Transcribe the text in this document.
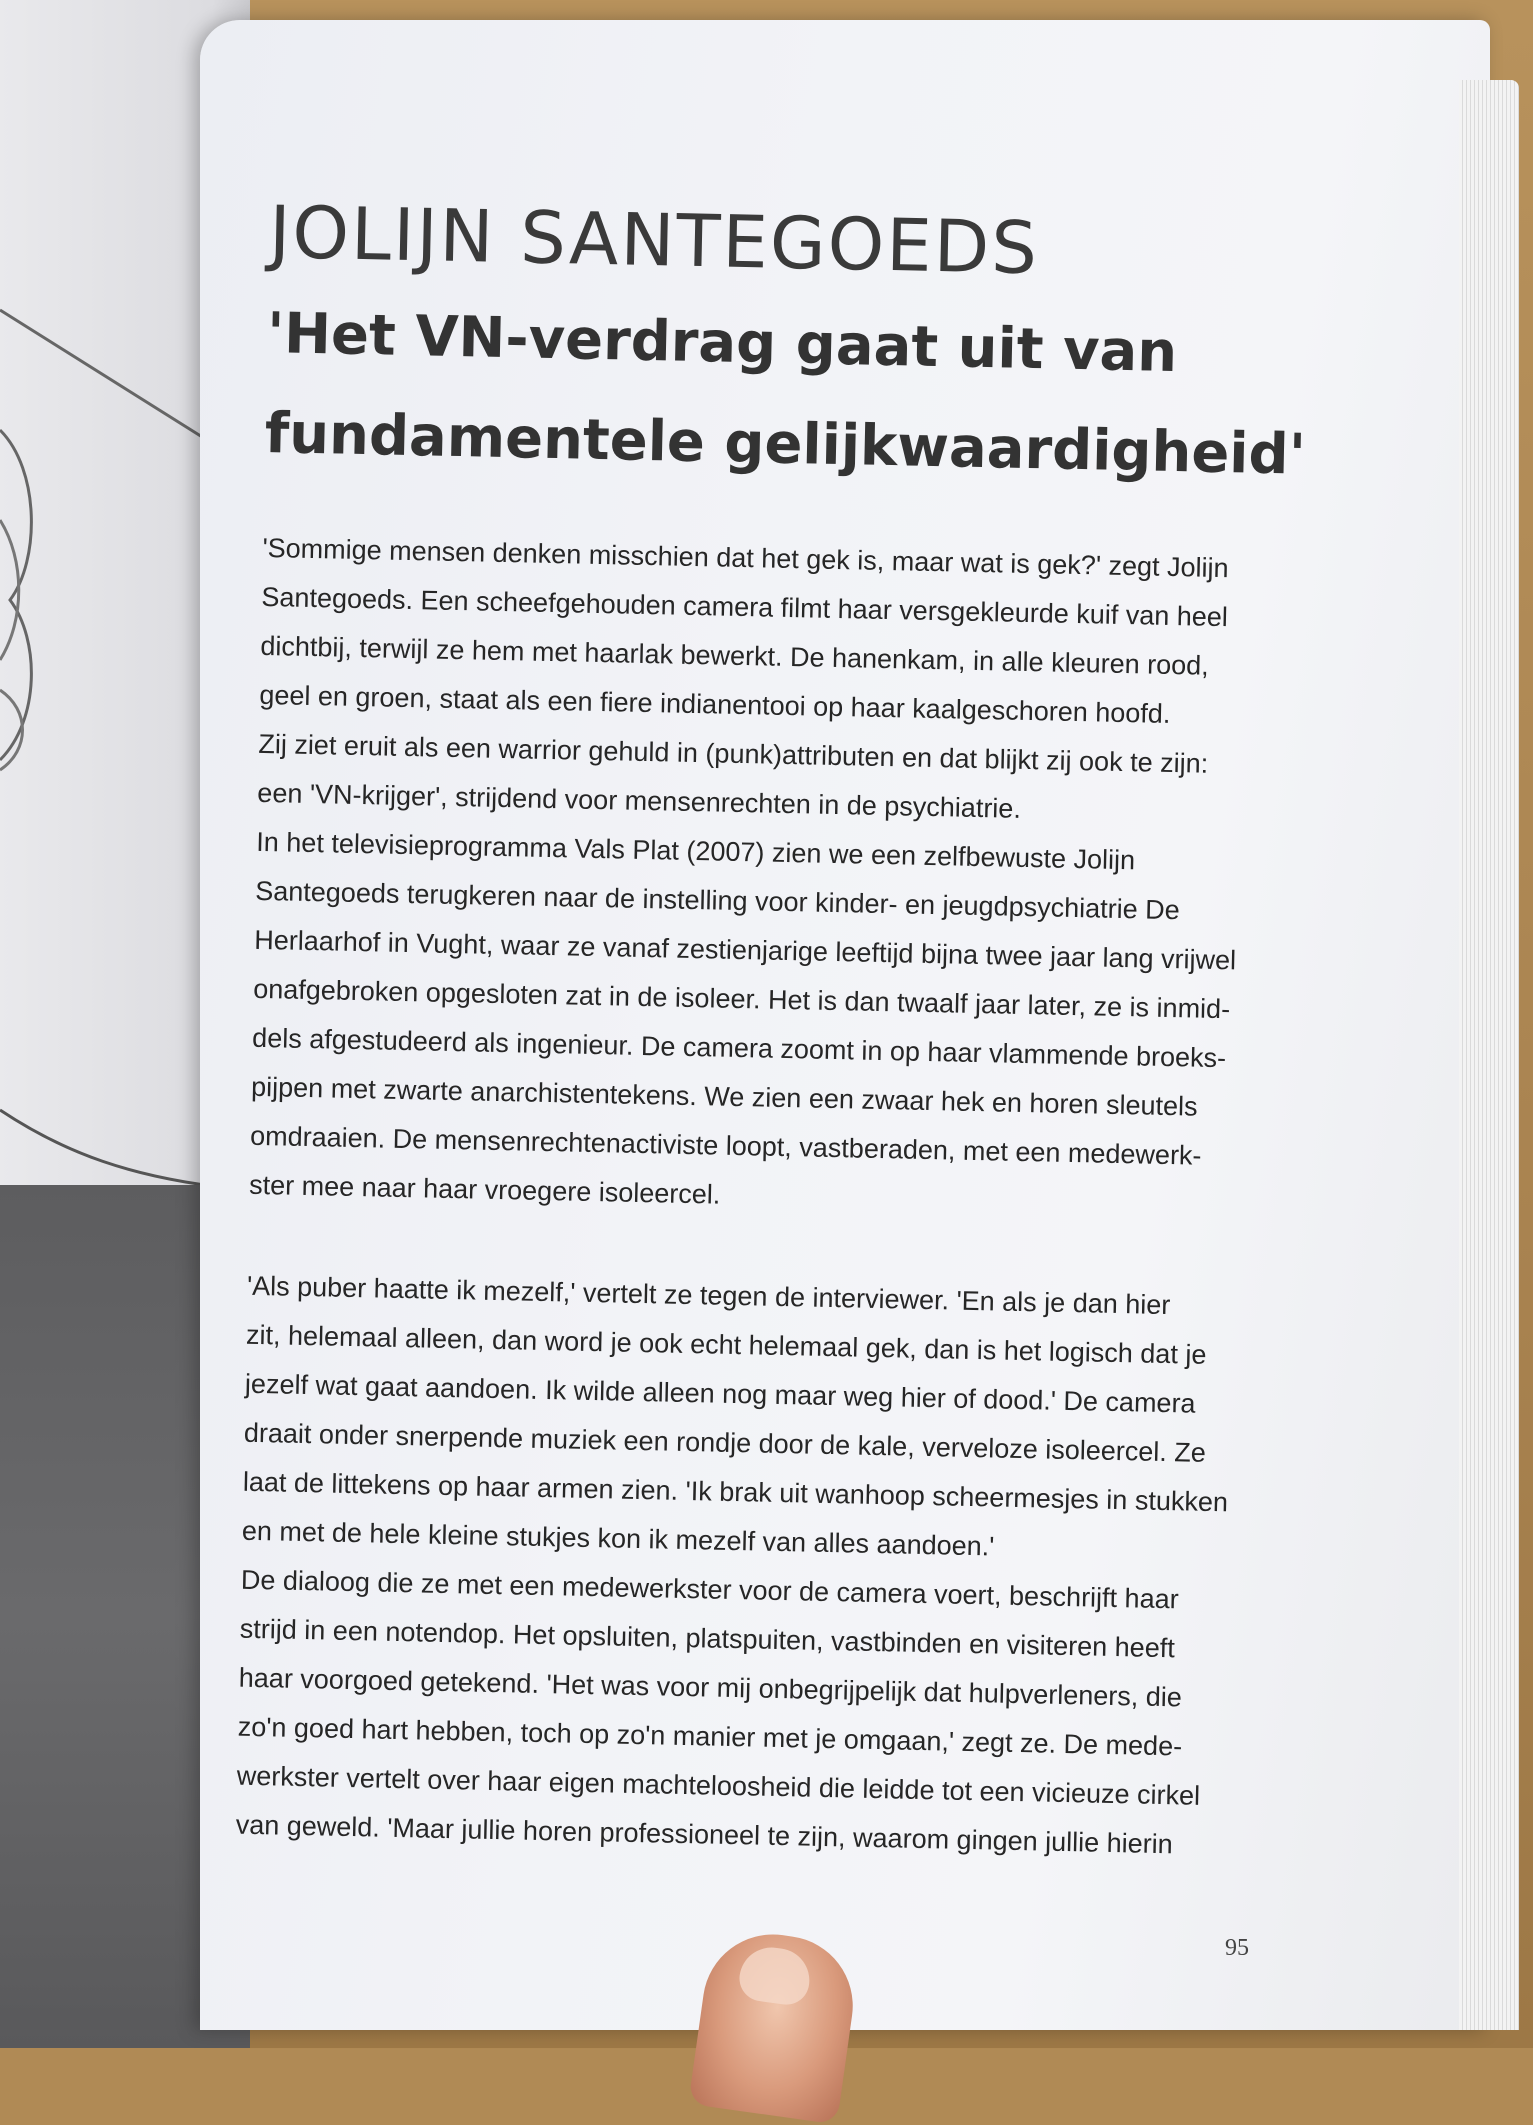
JOLIJN SANTEGOEDS
'Het VN-verdrag gaat uit van
fundamentele gelijkwaardigheid'

'Sommige mensen denken misschien dat het gek is, maar wat is gek?' zegt Jolijn
Santegoeds. Een scheefgehouden camera filmt haar versgekleurde kuif van heel
dichtbij, terwijl ze hem met haarlak bewerkt. De hanenkam, in alle kleuren rood,
geel en groen, staat als een fiere indianentooi op haar kaalgeschoren hoofd.
Zij ziet eruit als een warrior gehuld in (punk)attributen en dat blijkt zij ook te zijn:
een 'VN-krijger', strijdend voor mensenrechten in de psychiatrie.
In het televisieprogramma Vals Plat (2007) zien we een zelfbewuste Jolijn
Santegoeds terugkeren naar de instelling voor kinder- en jeugdpsychiatrie De
Herlaarhof in Vught, waar ze vanaf zestienjarige leeftijd bijna twee jaar lang vrijwel
onafgebroken opgesloten zat in de isoleer. Het is dan twaalf jaar later, ze is inmid-
dels afgestudeerd als ingenieur. De camera zoomt in op haar vlammende broeks-
pijpen met zwarte anarchistentekens. We zien een zwaar hek en horen sleutels
omdraaien. De mensenrechtenactiviste loopt, vastberaden, met een medewerk-
ster mee naar haar vroegere isoleercel.

'Als puber haatte ik mezelf,' vertelt ze tegen de interviewer. 'En als je dan hier
zit, helemaal alleen, dan word je ook echt helemaal gek, dan is het logisch dat je
jezelf wat gaat aandoen. Ik wilde alleen nog maar weg hier of dood.' De camera
draait onder snerpende muziek een rondje door de kale, verveloze isoleercel. Ze
laat de littekens op haar armen zien. 'Ik brak uit wanhoop scheermesjes in stukken
en met de hele kleine stukjes kon ik mezelf van alles aandoen.'
De dialoog die ze met een medewerkster voor de camera voert, beschrijft haar
strijd in een notendop. Het opsluiten, platspuiten, vastbinden en visiteren heeft
haar voorgoed getekend. 'Het was voor mij onbegrijpelijk dat hulpverleners, die
zo'n goed hart hebben, toch op zo'n manier met je omgaan,' zegt ze. De mede-
werkster vertelt over haar eigen machteloosheid die leidde tot een vicieuze cirkel
van geweld. 'Maar jullie horen professioneel te zijn, waarom gingen jullie hierin

95
